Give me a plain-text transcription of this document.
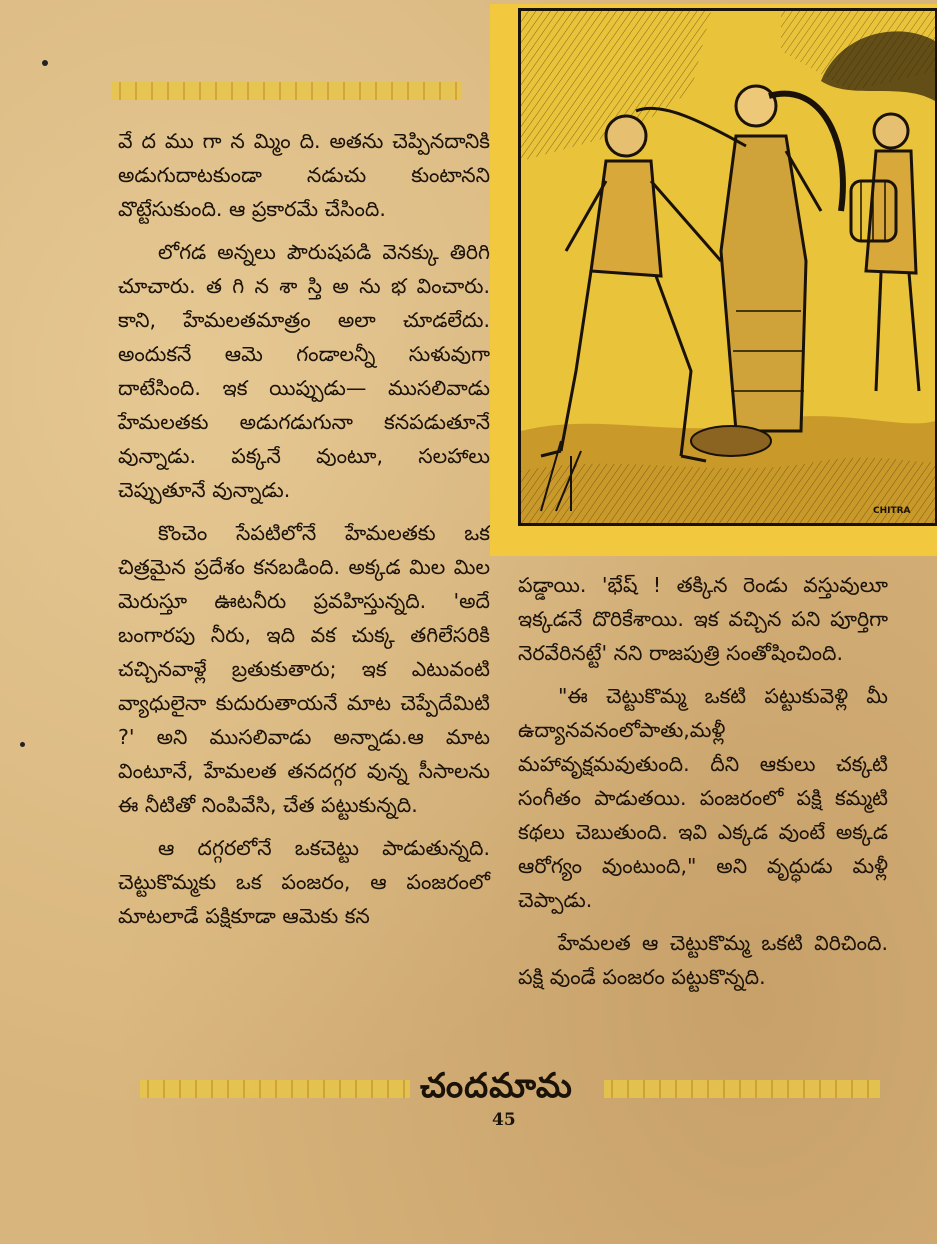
వే ద ము గా న మ్మిం ది. అతను చెప్పినదానికి అడుగుదాటకుండా నడుచు కుంటానని వొట్టేసుకుంది. ఆ ప్రకారమే చేసింది.

లోగడ అన్నలు పౌరుషపడి వెనక్కు తిరిగి చూచారు. త గి న శా స్తి అ ను భ వించారు. కాని, హేమలతమాత్రం అలా చూడలేదు. అందుకనే ఆమె గండాలన్నీ సుళువుగా దాటేసింది. ఇక యిప్పుడు— ముసలివాడు హేమలతకు అడుగడుగునా కనపడుతూనే వున్నాడు. పక్కనే వుంటూ, సలహాలు చెప్పుతూనే వున్నాడు.

కొంచెం సేపటిలోనే హేమలతకు ఒక చిత్రమైన ప్రదేశం కనబడింది. అక్కడ మిల మిల మెరుస్తూ ఊటనీరు ప్రవహిస్తున్నది. 'అదే బంగారపు నీరు, ఇది వక చుక్క తగిలేసరికి చచ్చినవాళ్లే బ్రతుకుతారు; ఇక ఎటువంటి వ్యాధులైనా కుదురుతాయనే మాట చెప్పేదేమిటి ?' అని ముసలివాడు అన్నాడు.ఆ మాట వింటూనే, హేమలత తనదగ్గర వున్న సీసాలను ఈ నీటితో నింపివేసి, చేత పట్టుకున్నది.

ఆ దగ్గరలోనే ఒకచెట్టు పాడుతున్నది. చెట్టుకొమ్మకు ఒక పంజరం, ఆ పంజరంలో మాటలాడే పక్షికూడా ఆమెకు కన

CHITRA

పడ్డాయి. 'భేష్ ! తక్కిన రెండు వస్తువులూ ఇక్కడనే దొరికేశాయి. ఇక వచ్చిన పని పూర్తిగా నెరవేరినట్టే' నని రాజపుత్రి సంతోషించింది.

"ఈ చెట్టుకొమ్మ ఒకటి పట్టుకువెళ్లి మీ ఉద్యానవనంలోపాతు,మళ్లీ మహావృక్షమవుతుంది. దీని ఆకులు చక్కటి సంగీతం పాడుతయి. పంజరంలో పక్షి కమ్మటి కథలు చెబుతుంది. ఇవి ఎక్కడ వుంటే అక్కడ ఆరోగ్యం వుంటుంది," అని వృద్ధుడు మళ్లీ చెప్పాడు.

హేమలత ఆ చెట్టుకొమ్మ ఒకటి విరిచింది. పక్షి వుండే పంజరం పట్టుకొన్నది.

చందమామ
45
